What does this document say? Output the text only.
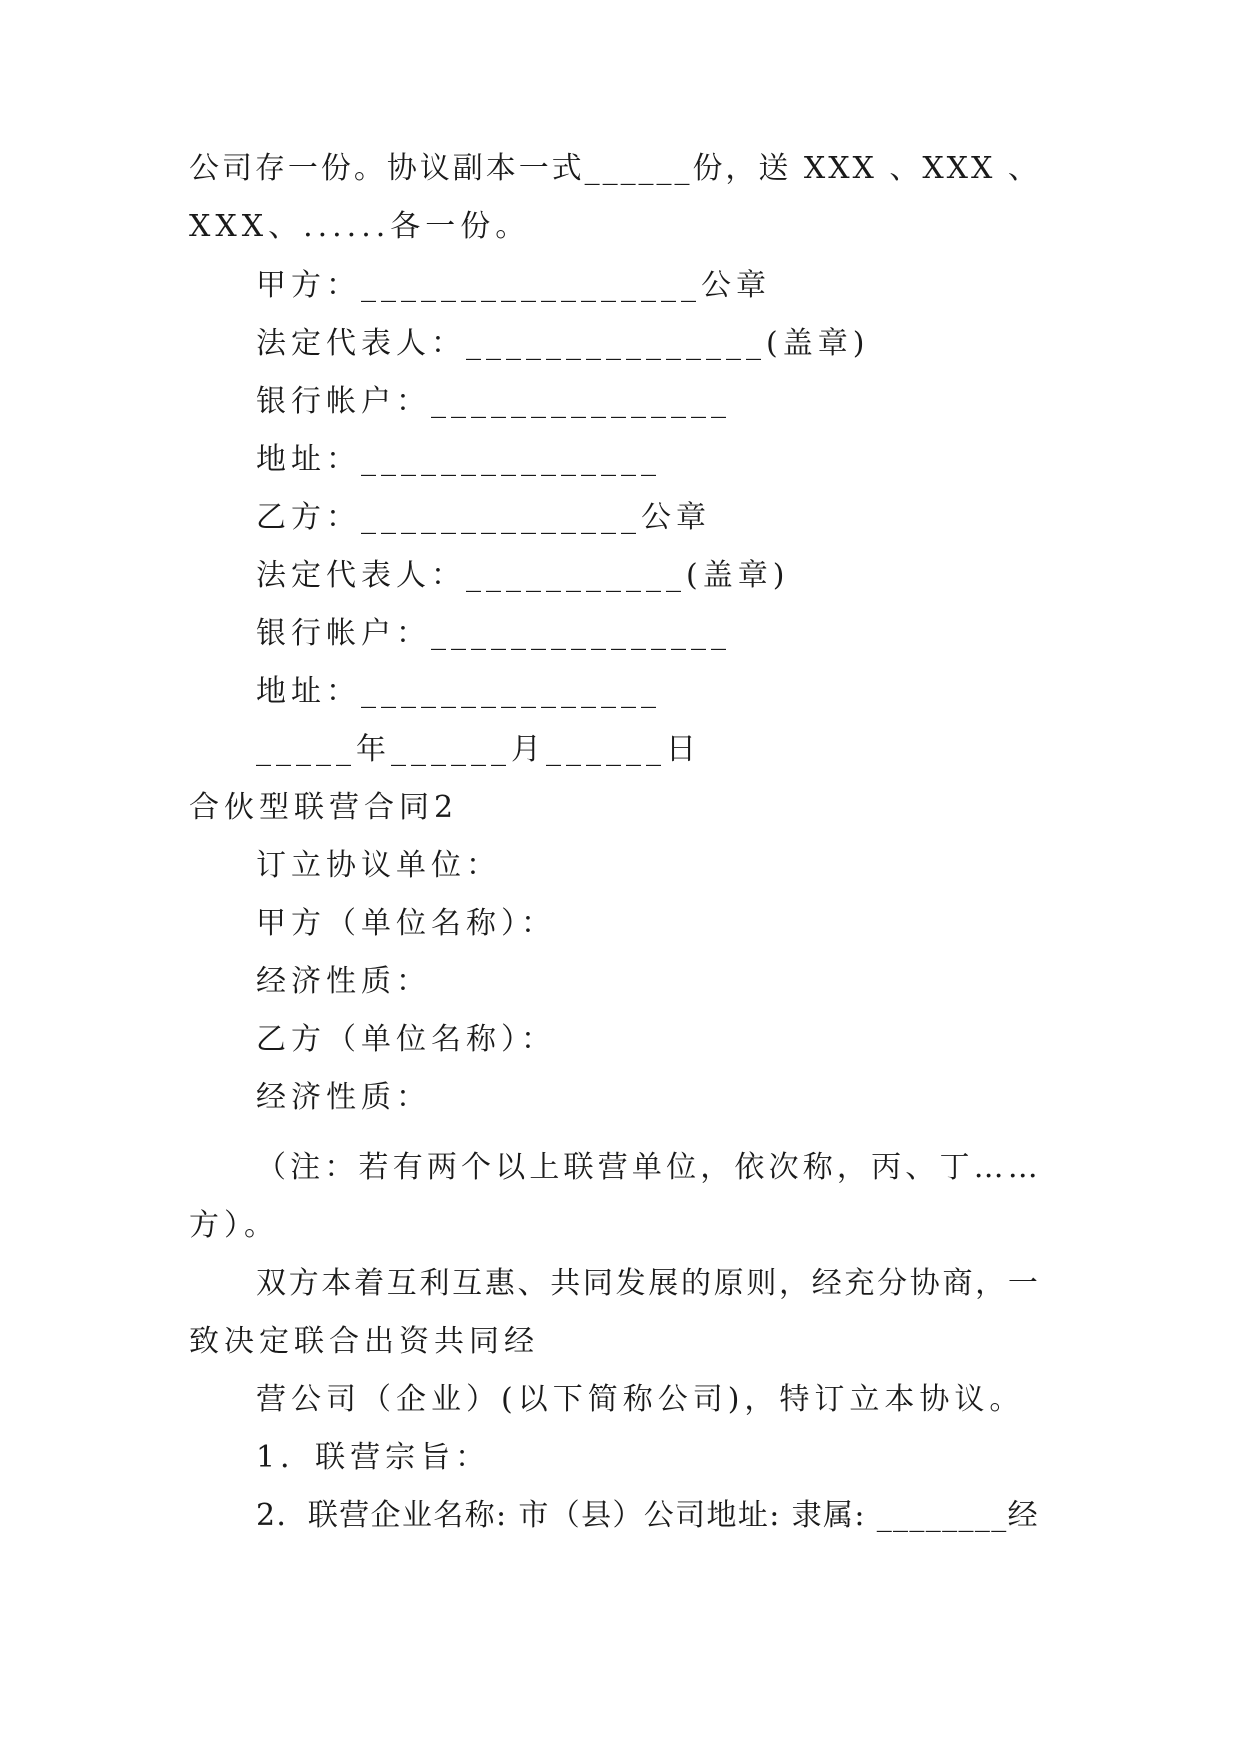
公 司 存 一 份 。 协 议 副 本 一 式 _ _ _ _ _ _ 份 ， 送
X X X
、 X X X
、
XXX、......各一份。
甲方：_________________公章
法定代表人：_______________(盖章)
银行帐户：_______________
地址：_______________
乙方：______________公章
法定代表人：___________(盖章)
银行帐户：_______________
地址：_______________
_____年______月______日
合伙型联营合同2
订立协议单位：
甲方（单位名称）：
经济性质：
乙方（单位名称）：
经济性质：
（ 注 ： 若 有 两 个 以 上 联 营 单 位 ， 依 次 称 ， 丙 、 丁 … …
方）。
双 方 本 着 互 利 互 惠 、 共 同 发 展 的 原 则 ， 经 充 分 协 商 ， 一
致决定联合出资共同经
营公司（企业）(以下简称公司)，特订立本协议。
1．联营宗旨：
2 ． 联 营 企 业 名 称 :
市 （ 县 ） 公 司 地 址 :
隶 属 :
_ _ _ _ _ _ _ _ 经
